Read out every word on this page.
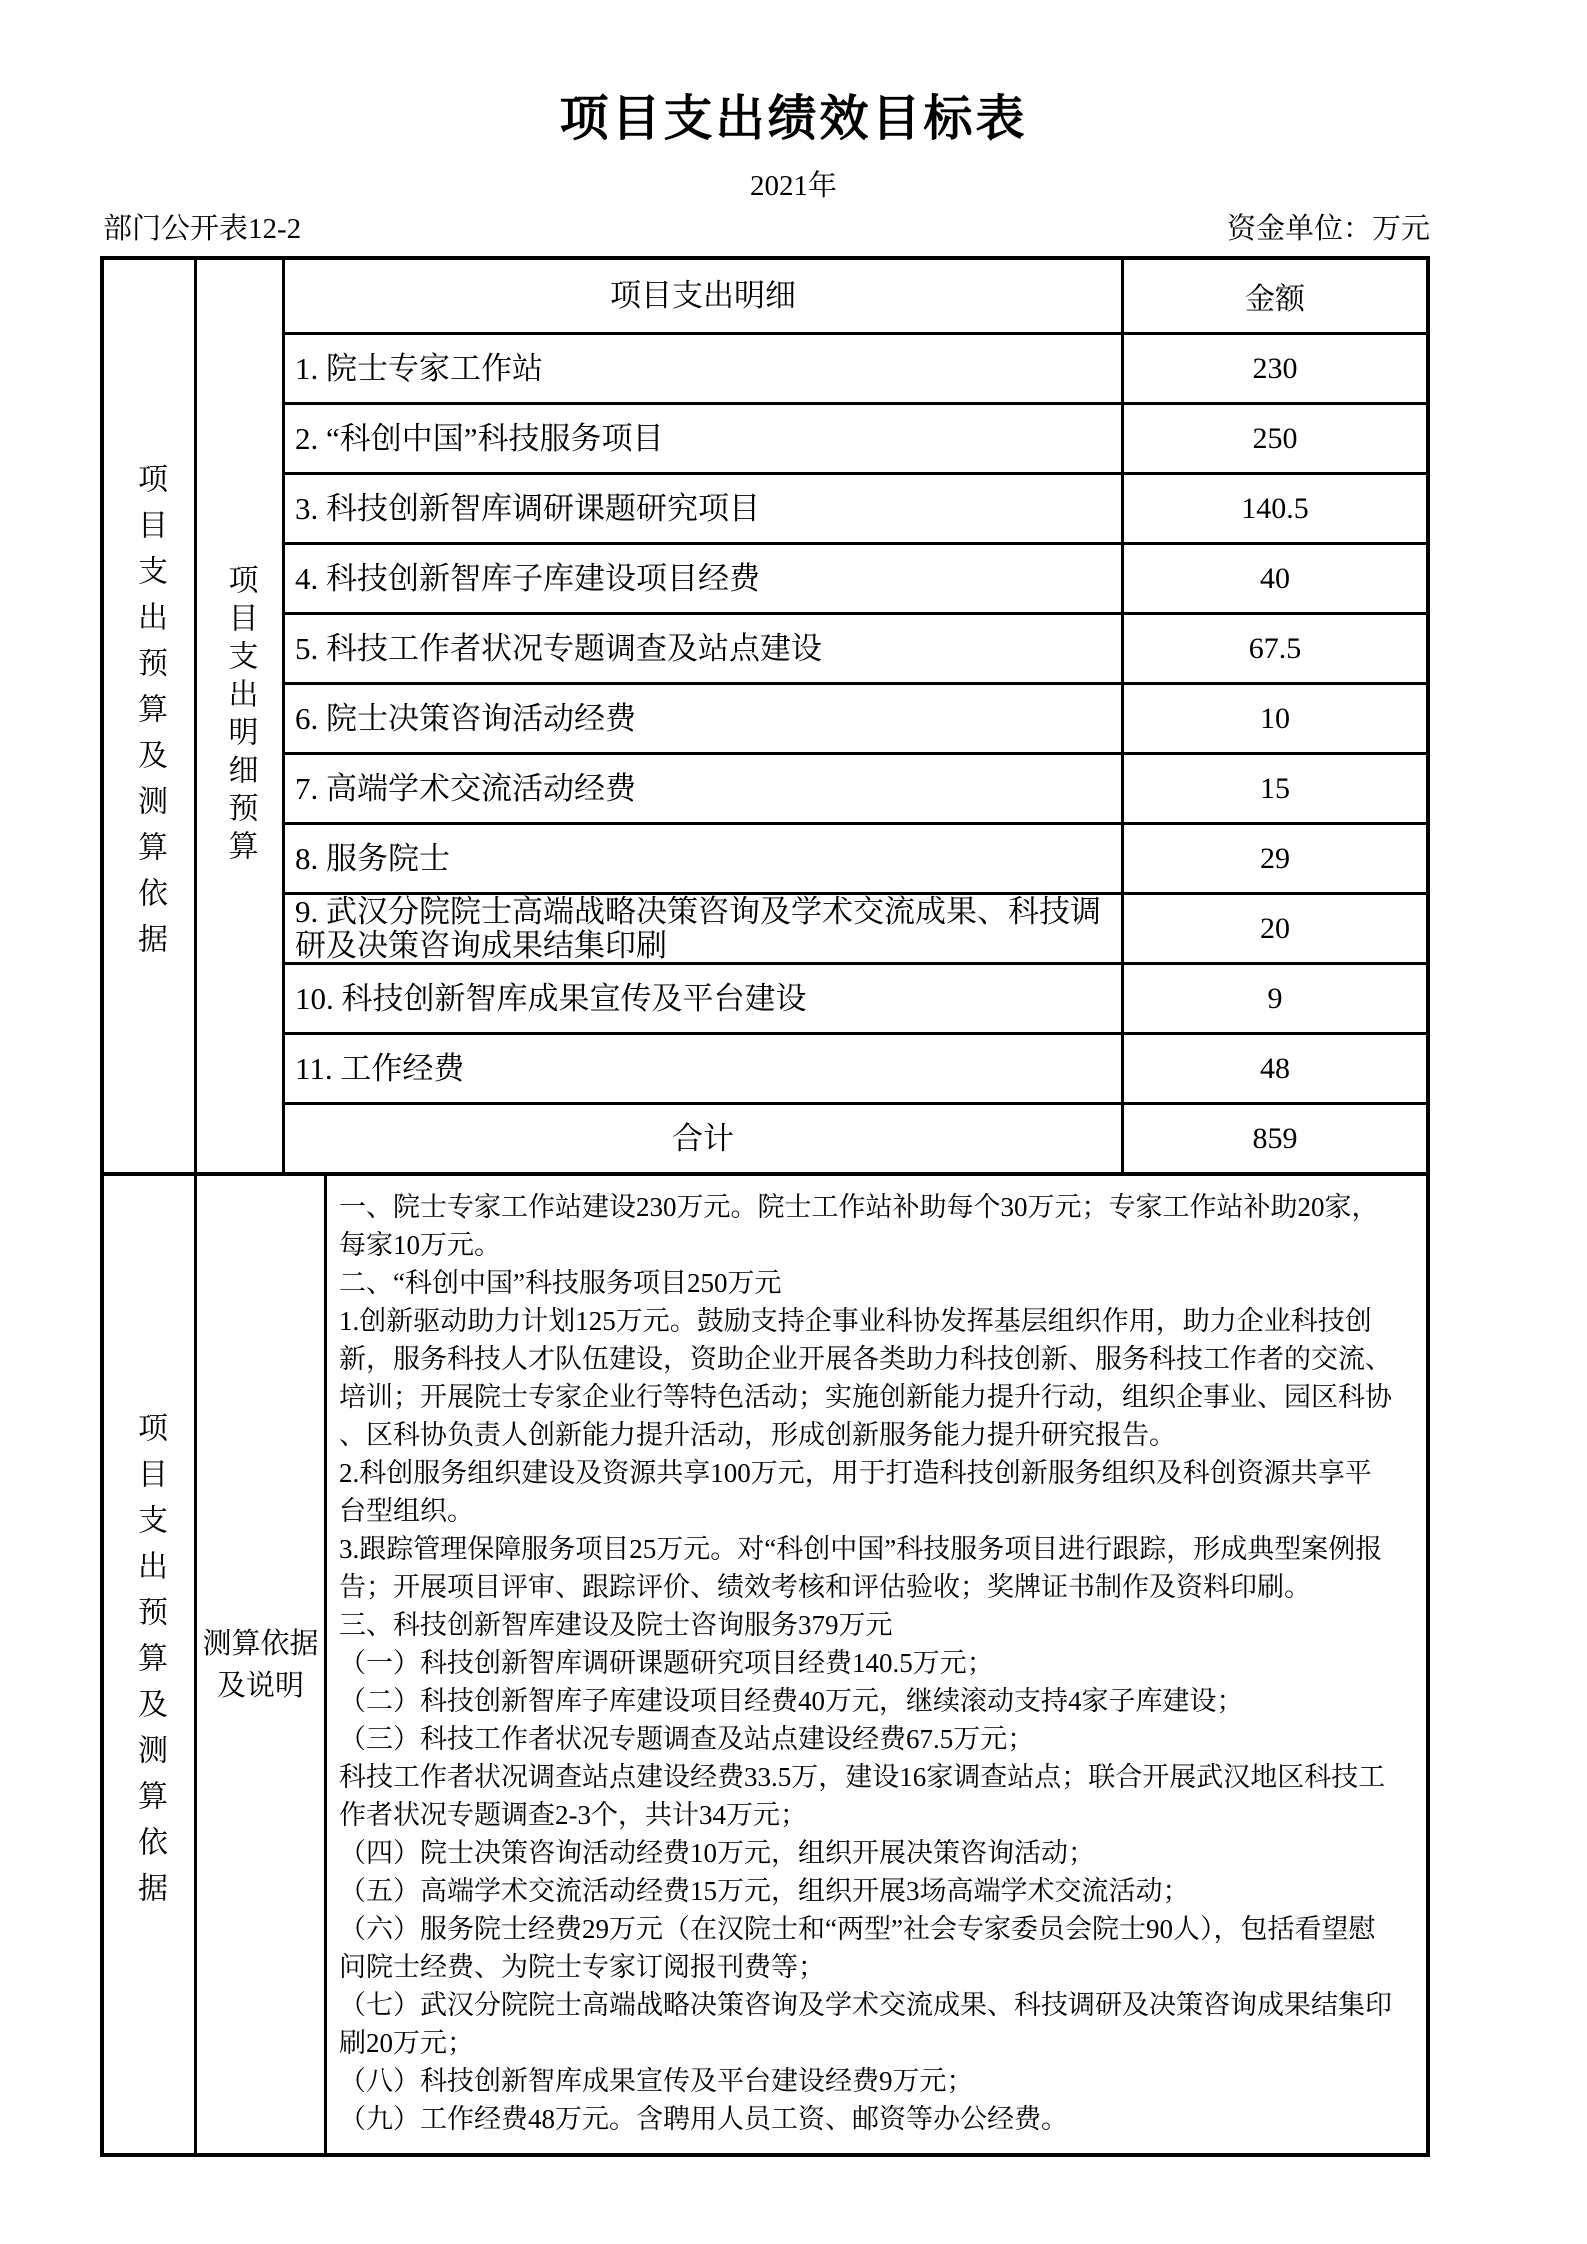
项目支出绩效目标表
2021年
部门公开表12-2	资金单位：万元
项目支出预算及测算依据 项目支出明细预算
项目支出明细	金额
1. 院士专家工作站	230
2. “科创中国”科技服务项目	250
3. 科技创新智库调研课题研究项目	140.5
4. 科技创新智库子库建设项目经费	40
5. 科技工作者状况专题调查及站点建设	67.5
6. 院士决策咨询活动经费	10
7. 高端学术交流活动经费	15
8. 服务院士	29
9. 武汉分院院士高端战略决策咨询及学术交流成果、科技调研及决策咨询成果结集印刷	20
10. 科技创新智库成果宣传及平台建设	9
11. 工作经费	48
合计	859
项目支出预算及测算依据 测算依据
及说明
一、院士专家工作站建设230万元。院士工作站补助每个30万元；专家工作站补助20家，
每家10万元。
二、“科创中国”科技服务项目250万元
1.创新驱动助力计划125万元。鼓励支持企事业科协发挥基层组织作用，助力企业科技创
新，服务科技人才队伍建设，资助企业开展各类助力科技创新、服务科技工作者的交流、
培训；开展院士专家企业行等特色活动；实施创新能力提升行动，组织企事业、园区科协
、区科协负责人创新能力提升活动，形成创新服务能力提升研究报告。
2.科创服务组织建设及资源共享100万元，用于打造科技创新服务组织及科创资源共享平
台型组织。
3.跟踪管理保障服务项目25万元。对“科创中国”科技服务项目进行跟踪，形成典型案例报
告；开展项目评审、跟踪评价、绩效考核和评估验收；奖牌证书制作及资料印刷。
三、科技创新智库建设及院士咨询服务379万元
（一）科技创新智库调研课题研究项目经费140.5万元；
（二）科技创新智库子库建设项目经费40万元，继续滚动支持4家子库建设；
（三）科技工作者状况专题调查及站点建设经费67.5万元；
科技工作者状况调查站点建设经费33.5万，建设16家调查站点；联合开展武汉地区科技工
作者状况专题调查2-3个，共计34万元；
（四）院士决策咨询活动经费10万元，组织开展决策咨询活动；
（五）高端学术交流活动经费15万元，组织开展3场高端学术交流活动；
（六）服务院士经费29万元（在汉院士和“两型”社会专家委员会院士90人），包括看望慰
问院士经费、为院士专家订阅报刊费等；
（七）武汉分院院士高端战略决策咨询及学术交流成果、科技调研及决策咨询成果结集印
刷20万元；
（八）科技创新智库成果宣传及平台建设经费9万元；
（九）工作经费48万元。含聘用人员工资、邮资等办公经费。
